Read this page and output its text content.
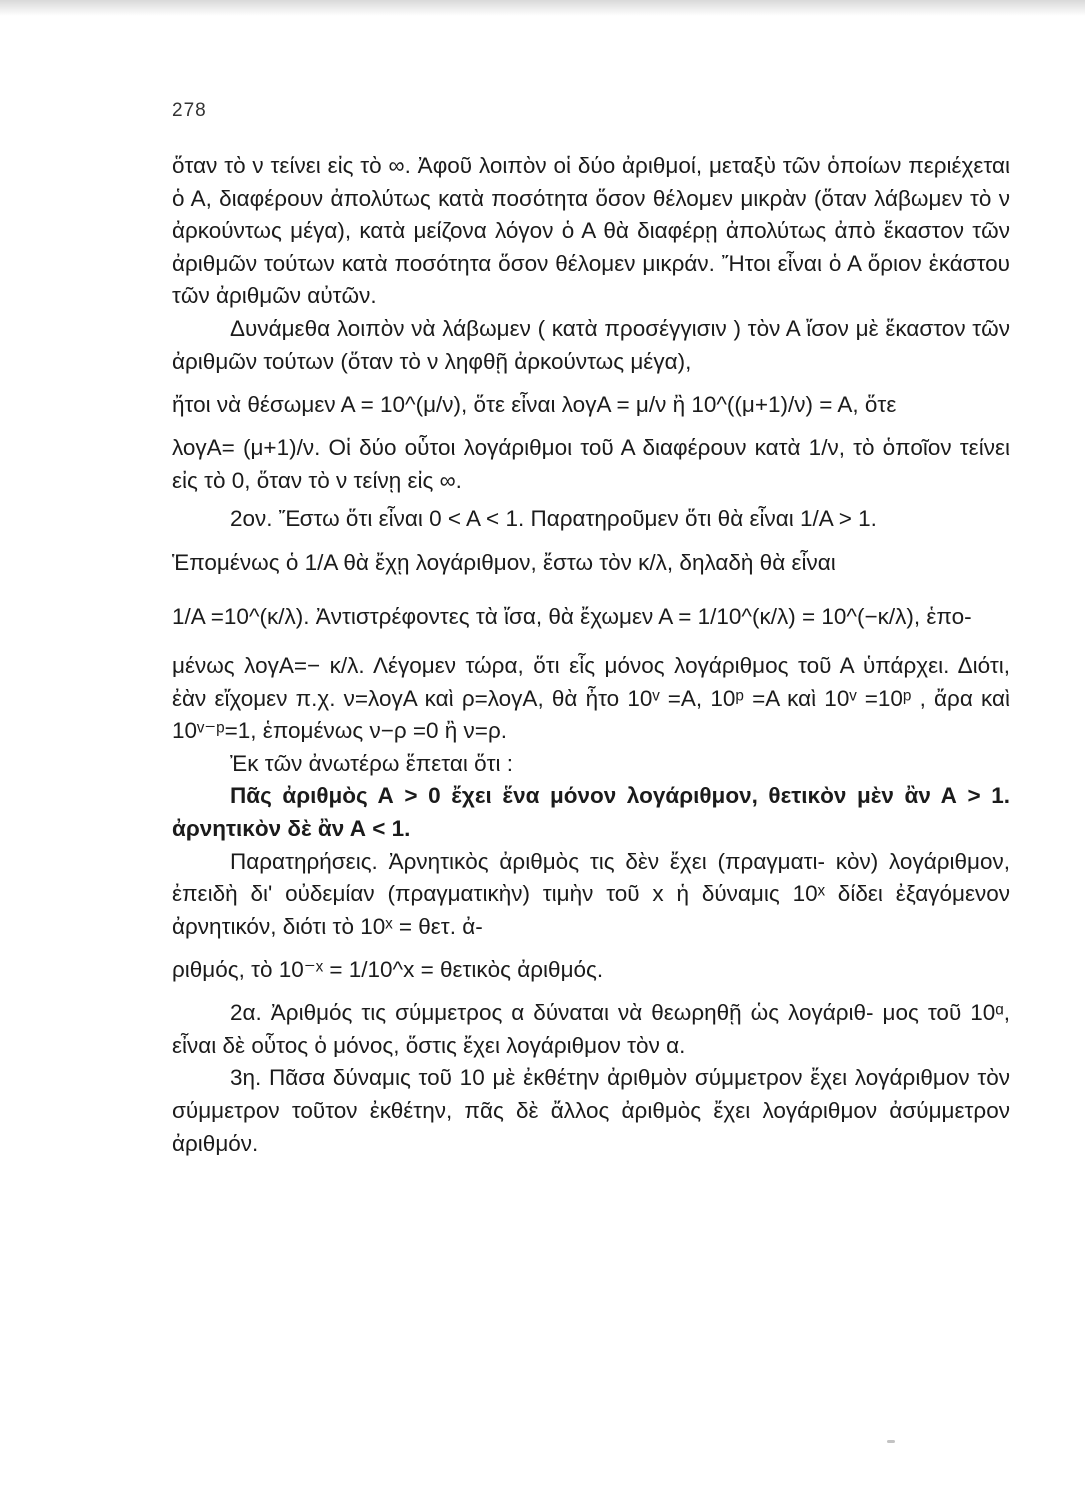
278

ὅταν τὸ ν τείνει εἰς τὸ ∞. Ἀφοῦ λοιπὸν οἱ δύο ἀριθμοί, μεταξὺ τῶν ὁποίων περιέχεται ὁ Α, διαφέρουν ἀπολύτως κατὰ ποσότητα ὅσον θέλομεν μικρὰν (ὅταν λάβωμεν τὸ ν ἀρκούντως μέγα), κατὰ μείζονα λόγον ὁ Α θὰ διαφέρῃ ἀπολύτως ἀπὸ ἕκαστον τῶν ἀριθμῶν τούτων κατὰ ποσότητα ὅσον θέλομεν μικράν. Ἤτοι εἶναι ὁ Α ὅριον ἑκάστου τῶν ἀριθμῶν αὐτῶν.

Δυνάμεθα λοιπὸν νὰ λάβωμεν ( κατὰ προσέγγισιν ) τὸν Α ἴσον μὲ ἕκαστον τῶν ἀριθμῶν τούτων (ὅταν τὸ ν ληφθῇ ἀρκούντως μέγα),

ἤτοι νὰ θέσωμεν Α = 10^(μ/ν), ὅτε εἶναι λογΑ = μ/ν ἢ 10^((μ+1)/ν) = Α, ὅτε

λογΑ= (μ+1)/ν. Οἱ δύο οὗτοι λογάριθμοι τοῦ Α διαφέρουν κατὰ 1/ν, τὸ ὁποῖον τείνει εἰς τὸ 0, ὅταν τὸ ν τείνῃ εἰς ∞.

2ον. Ἔστω ὅτι εἶναι 0 < Α < 1. Παρατηροῦμεν ὅτι θὰ εἶναι 1/Α > 1.

Ἑπομένως ὁ 1/Α θὰ ἔχῃ λογάριθμον, ἔστω τὸν κ/λ, δηλαδὴ θὰ εἶναι

1/Α =10^(κ/λ). Ἀντιστρέφοντες τὰ ἴσα, θὰ ἔχωμεν Α = 1/10^(κ/λ) = 10^(−κ/λ), ἑπο-

μένως λογΑ=− κ/λ. Λέγομεν τώρα, ὅτι εἷς μόνος λογάριθμος τοῦ Α ὑπάρχει. Διότι, ἐὰν εἴχομεν π.χ. ν=λογΑ καὶ ρ=λογΑ, θὰ ἦτο 10ᵛ =Α, 10ᵖ =Α καὶ 10ᵛ =10ᵖ , ἄρα καὶ 10ᵛ⁻ᵖ=1, ἑπομένως ν−ρ =0 ἢ ν=ρ.

Ἐκ τῶν ἀνωτέρω ἕπεται ὅτι :

Πᾶς ἀριθμὸς Α > 0 ἔχει ἕνα μόνον λογάριθμον, θετικὸν μὲν ἂν Α > 1. ἀρνητικὸν δὲ ἂν Α < 1.

Παρατηρήσεις. Ἀρνητικὸς ἀριθμὸς τις δὲν ἔχει (πραγματι- κὸν) λογάριθμον, ἐπειδὴ δι' οὐδεμίαν (πραγματικὴν) τιμὴν τοῦ x ἡ δύναμις 10ˣ δίδει ἐξαγόμενον ἀρνητικόν, διότι τὸ 10ˣ = θετ. ἀ-

ριθμός, τὸ 10⁻ˣ = 1/10^x = θετικὸς ἀριθμός.

2α. Ἀριθμός τις σύμμετρος α δύναται νὰ θεωρηθῇ ὡς λογάριθ- μος τοῦ 10ᵅ, εἶναι δὲ οὗτος ὁ μόνος, ὅστις ἔχει λογάριθμον τὸν α.

3η. Πᾶσα δύναμις τοῦ 10 μὲ ἐκθέτην ἀριθμὸν σύμμετρον ἔχει λογάριθμον τὸν σύμμετρον τοῦτον ἐκθέτην, πᾶς δὲ ἄλλος ἀριθμὸς ἔχει λογάριθμον ἀσύμμετρον ἀριθμόν.
